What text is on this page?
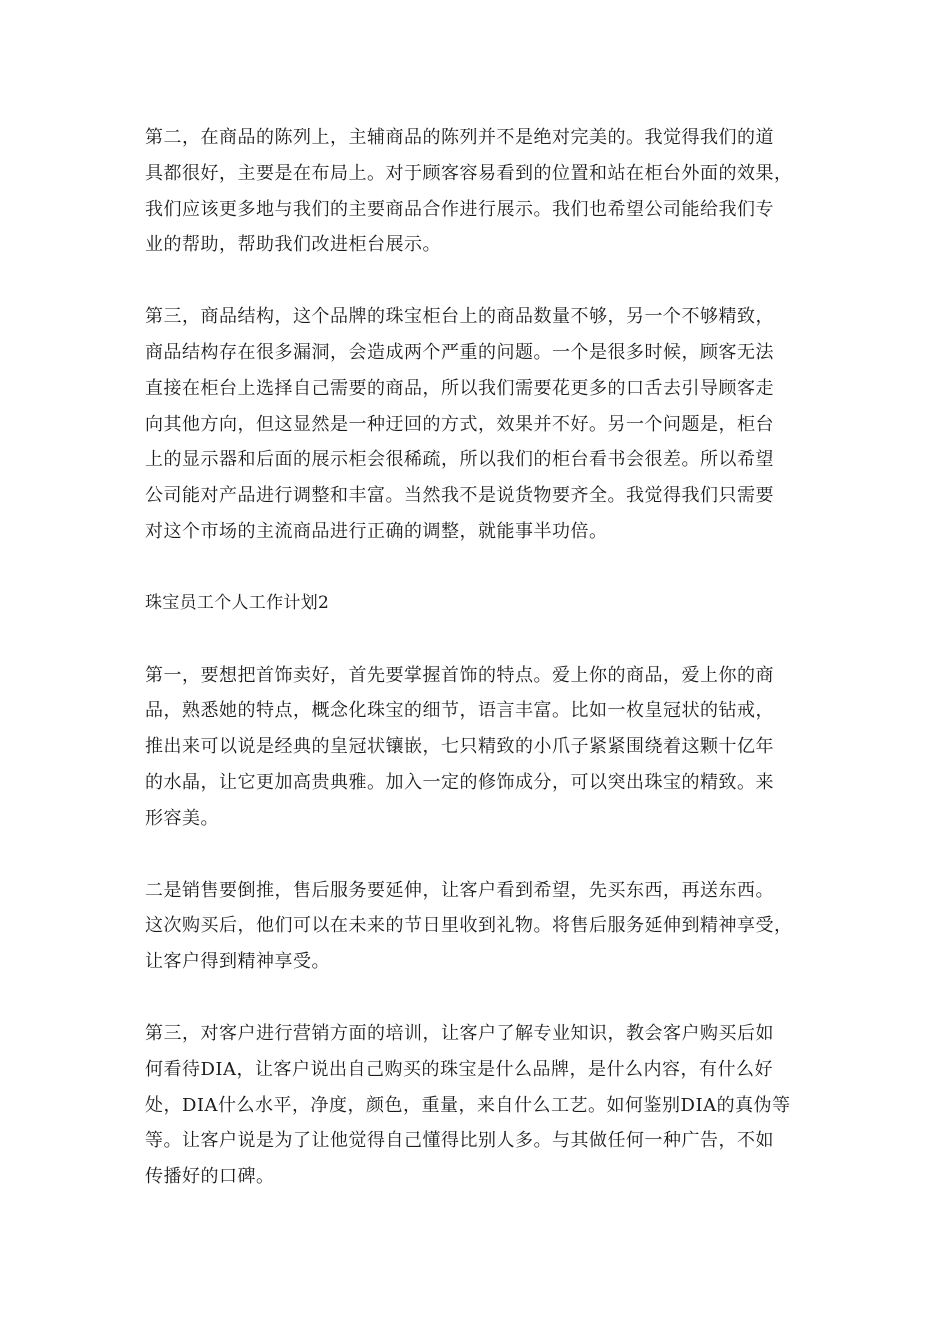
第二，在商品的陈列上，主辅商品的陈列并不是绝对完美的。我觉得我们的道
具都很好，主要是在布局上。对于顾客容易看到的位置和站在柜台外面的效果，
我们应该更多地与我们的主要商品合作进行展示。我们也希望公司能给我们专
业的帮助，帮助我们改进柜台展示。

第三，商品结构，这个品牌的珠宝柜台上的商品数量不够，另一个不够精致，
商品结构存在很多漏洞，会造成两个严重的问题。一个是很多时候，顾客无法
直接在柜台上选择自己需要的商品，所以我们需要花更多的口舌去引导顾客走
向其他方向，但这显然是一种迂回的方式，效果并不好。另一个问题是，柜台
上的显示器和后面的展示柜会很稀疏，所以我们的柜台看书会很差。所以希望
公司能对产品进行调整和丰富。当然我不是说货物要齐全。我觉得我们只需要
对这个市场的主流商品进行正确的调整，就能事半功倍。

珠宝员工个人工作计划2

第一，要想把首饰卖好，首先要掌握首饰的特点。爱上你的商品，爱上你的商
品，熟悉她的特点，概念化珠宝的细节，语言丰富。比如一枚皇冠状的钻戒，
推出来可以说是经典的皇冠状镶嵌，七只精致的小爪子紧紧围绕着这颗十亿年
的水晶，让它更加高贵典雅。加入一定的修饰成分，可以突出珠宝的精致。来
形容美。

二是销售要倒推，售后服务要延伸，让客户看到希望，先买东西，再送东西。
这次购买后，他们可以在未来的节日里收到礼物。将售后服务延伸到精神享受，
让客户得到精神享受。

第三，对客户进行营销方面的培训，让客户了解专业知识，教会客户购买后如
何看待DIA，让客户说出自己购买的珠宝是什么品牌，是什么内容，有什么好
处，DIA什么水平，净度，颜色，重量，来自什么工艺。如何鉴别DIA的真伪等
等。让客户说是为了让他觉得自己懂得比别人多。与其做任何一种广告，不如
传播好的口碑。
